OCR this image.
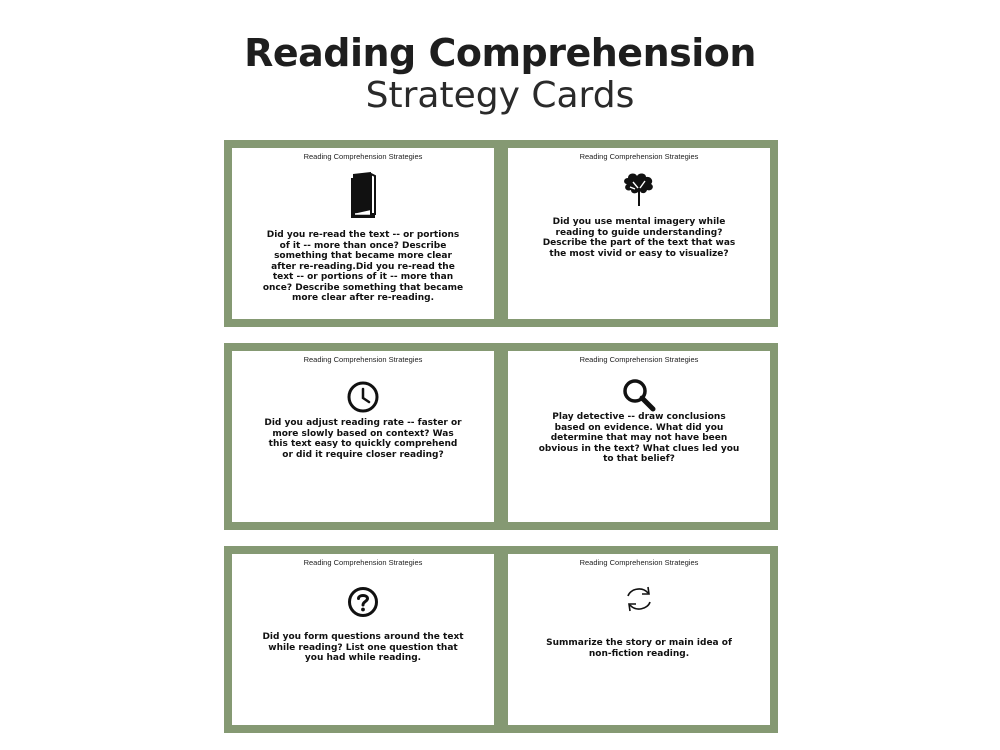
Reading Comprehension
Strategy Cards
Reading Comprehension Strategies
Did you re-read the text -- or portions of it -- more than once? Describe something that became more clear after re-reading.Did you re-read the text -- or portions of it -- more than once? Describe something that became more clear after re-reading.
Reading Comprehension Strategies
Did you use mental imagery while reading to guide understanding? Describe the part of the text that was the most vivid or easy to visualize?
Reading Comprehension Strategies
Did you adjust reading rate -- faster or more slowly based on context? Was this text easy to quickly comprehend or did it require closer reading?
Reading Comprehension Strategies
Play detective -- draw conclusions based on evidence. What did you determine that may not have been obvious in the text? What clues led you to that belief?
Reading Comprehension Strategies
Did you form questions around the text while reading? List one question that you had while reading.
Reading Comprehension Strategies
Summarize the story or main idea of non-fiction reading.
